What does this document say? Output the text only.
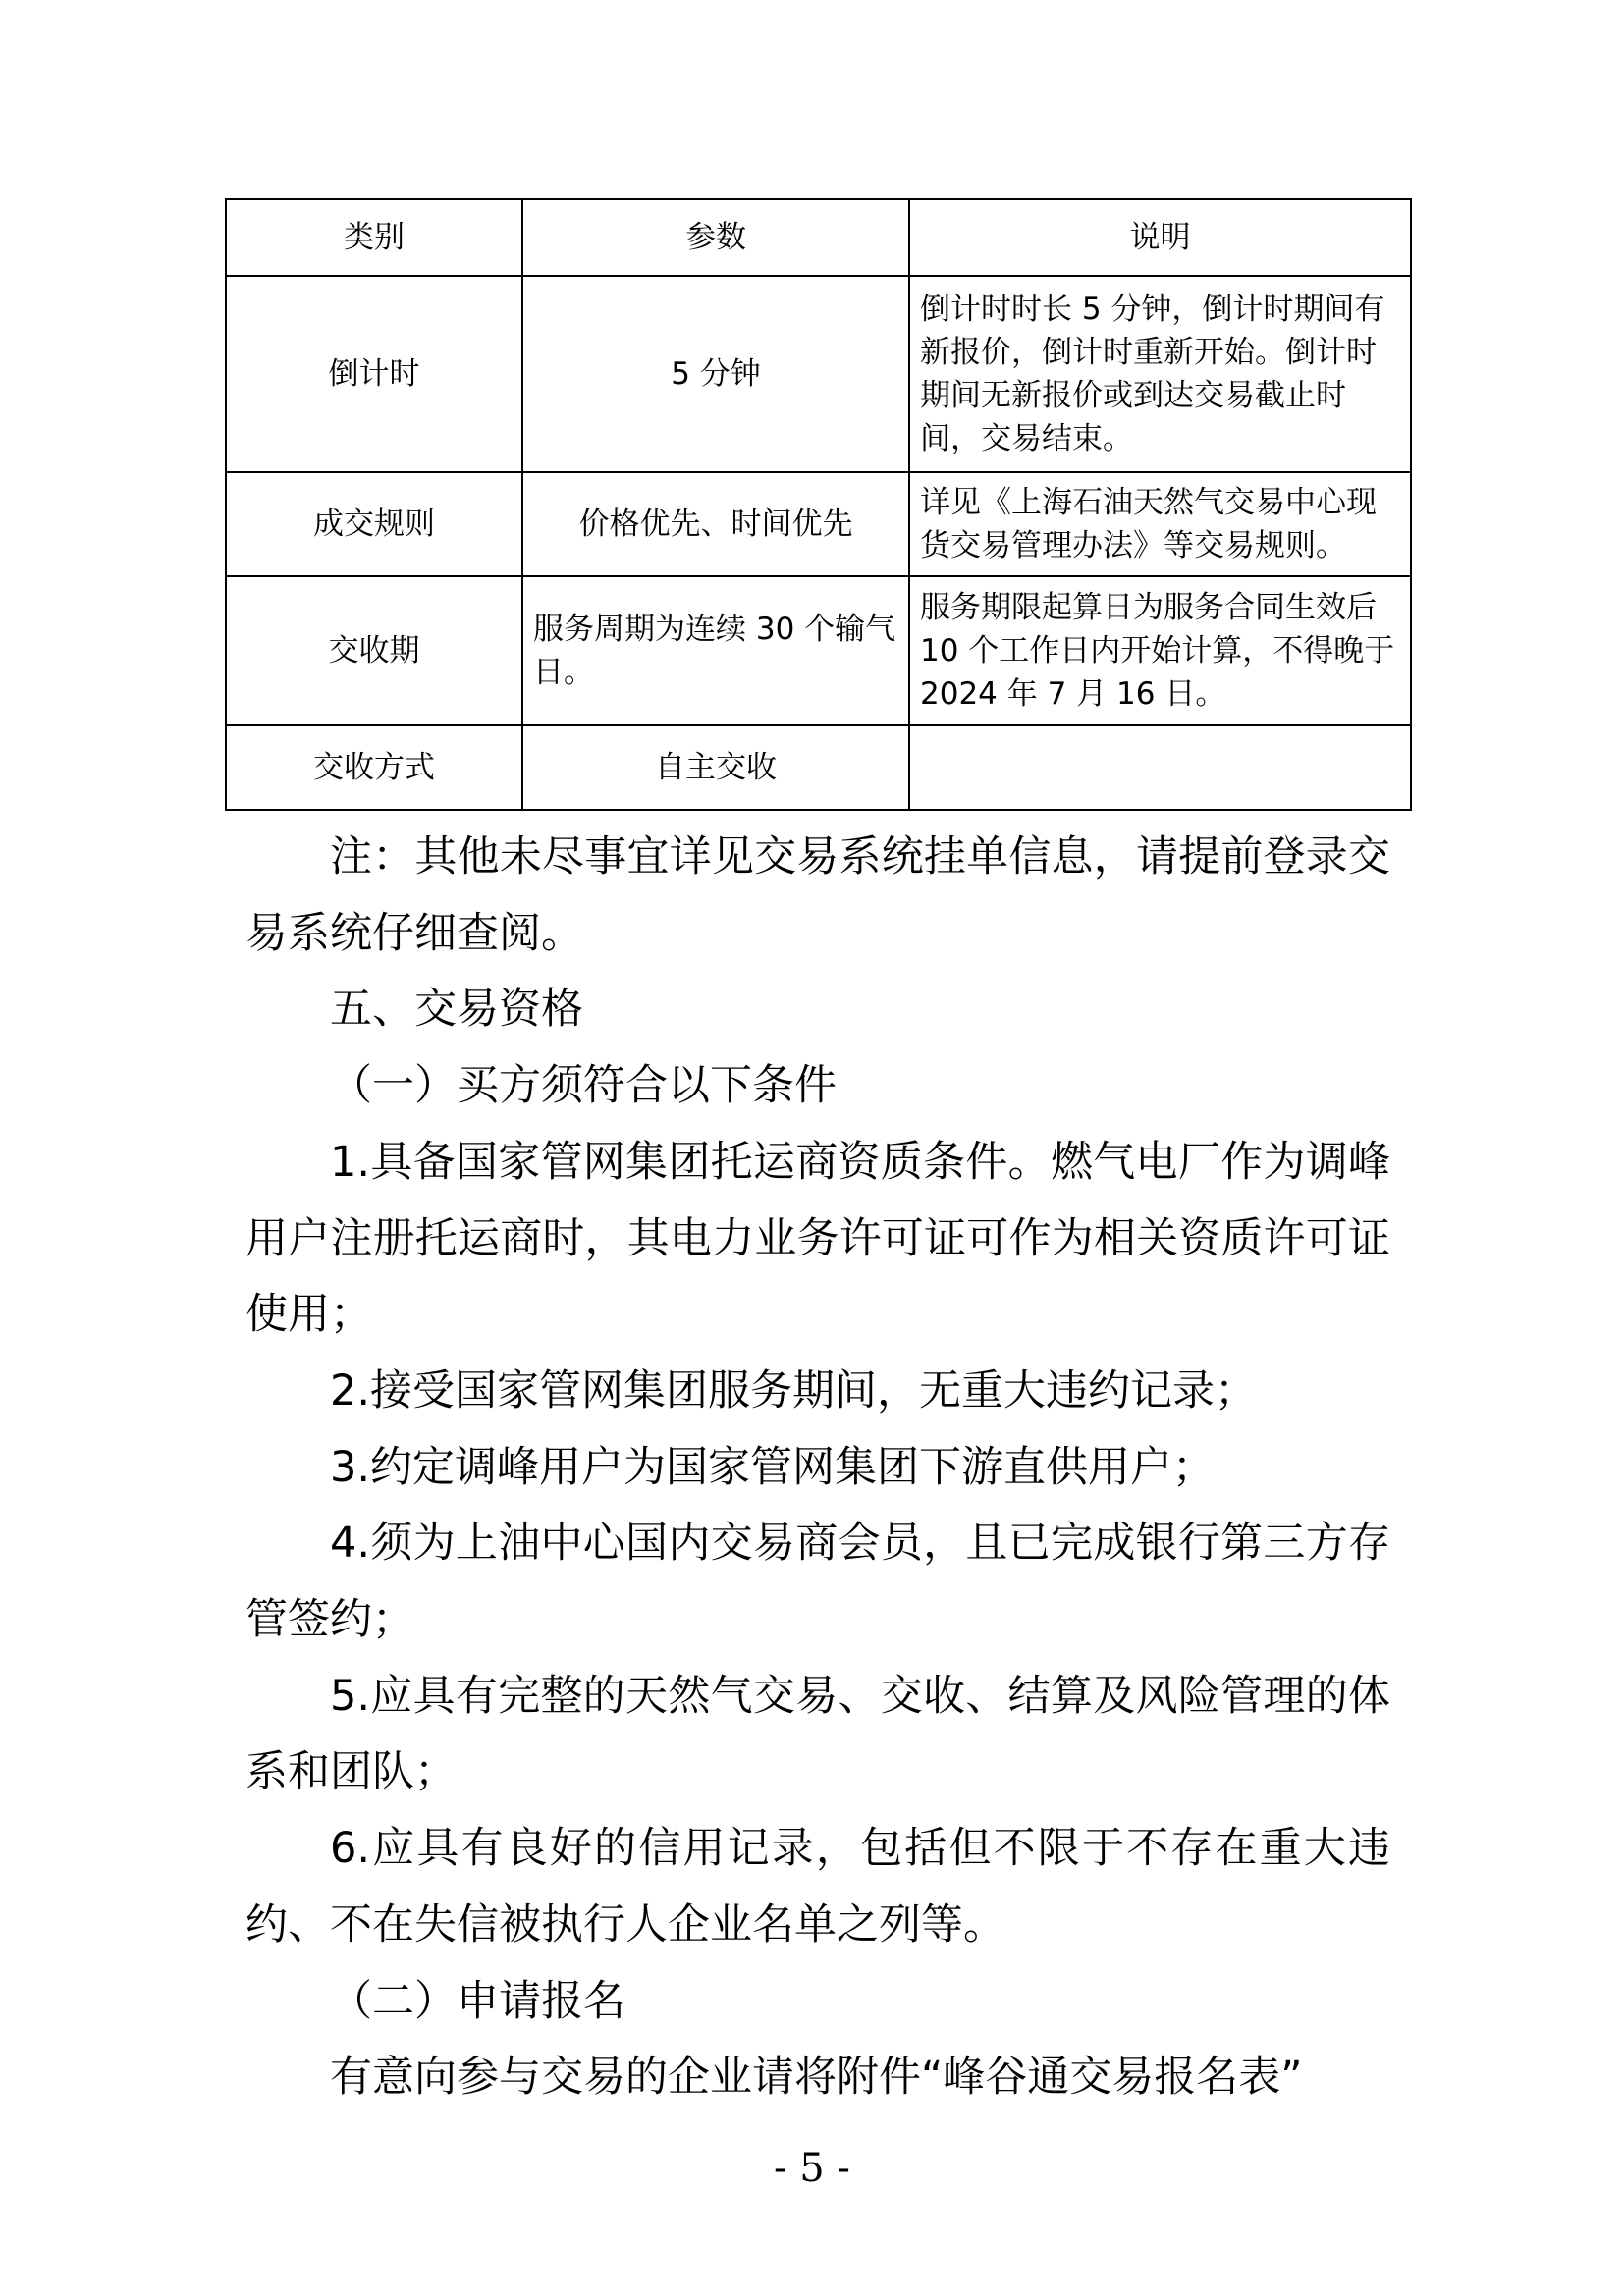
类别	参数	说明
倒计时	5 分钟	倒计时时长 5 分钟，倒计时期间有新报价，倒计时重新开始。倒计时期间无新报价或到达交易截止时间，交易结束。
成交规则	价格优先、时间优先	详见《上海石油天然气交易中心现货交易管理办法》等交易规则。
交收期	服务周期为连续 30 个输气日。	服务期限起算日为服务合同生效后 10 个工作日内开始计算，不得晚于 2024 年 7 月 16 日。
交收方式	自主交收	

注：其他未尽事宜详见交易系统挂单信息，请提前登录交易系统仔细查阅。

五、交易资格

（一）买方须符合以下条件

1.具备国家管网集团托运商资质条件。燃气电厂作为调峰用户注册托运商时，其电力业务许可证可作为相关资质许可证使用；

2.接受国家管网集团服务期间，无重大违约记录；

3.约定调峰用户为国家管网集团下游直供用户；

4.须为上油中心国内交易商会员，且已完成银行第三方存管签约；

5.应具有完整的天然气交易、交收、结算及风险管理的体系和团队；

6.应具有良好的信用记录，包括但不限于不存在重大违约、不在失信被执行人企业名单之列等。

（二）申请报名

有意向参与交易的企业请将附件“峰谷通交易报名表”

- 5 -
